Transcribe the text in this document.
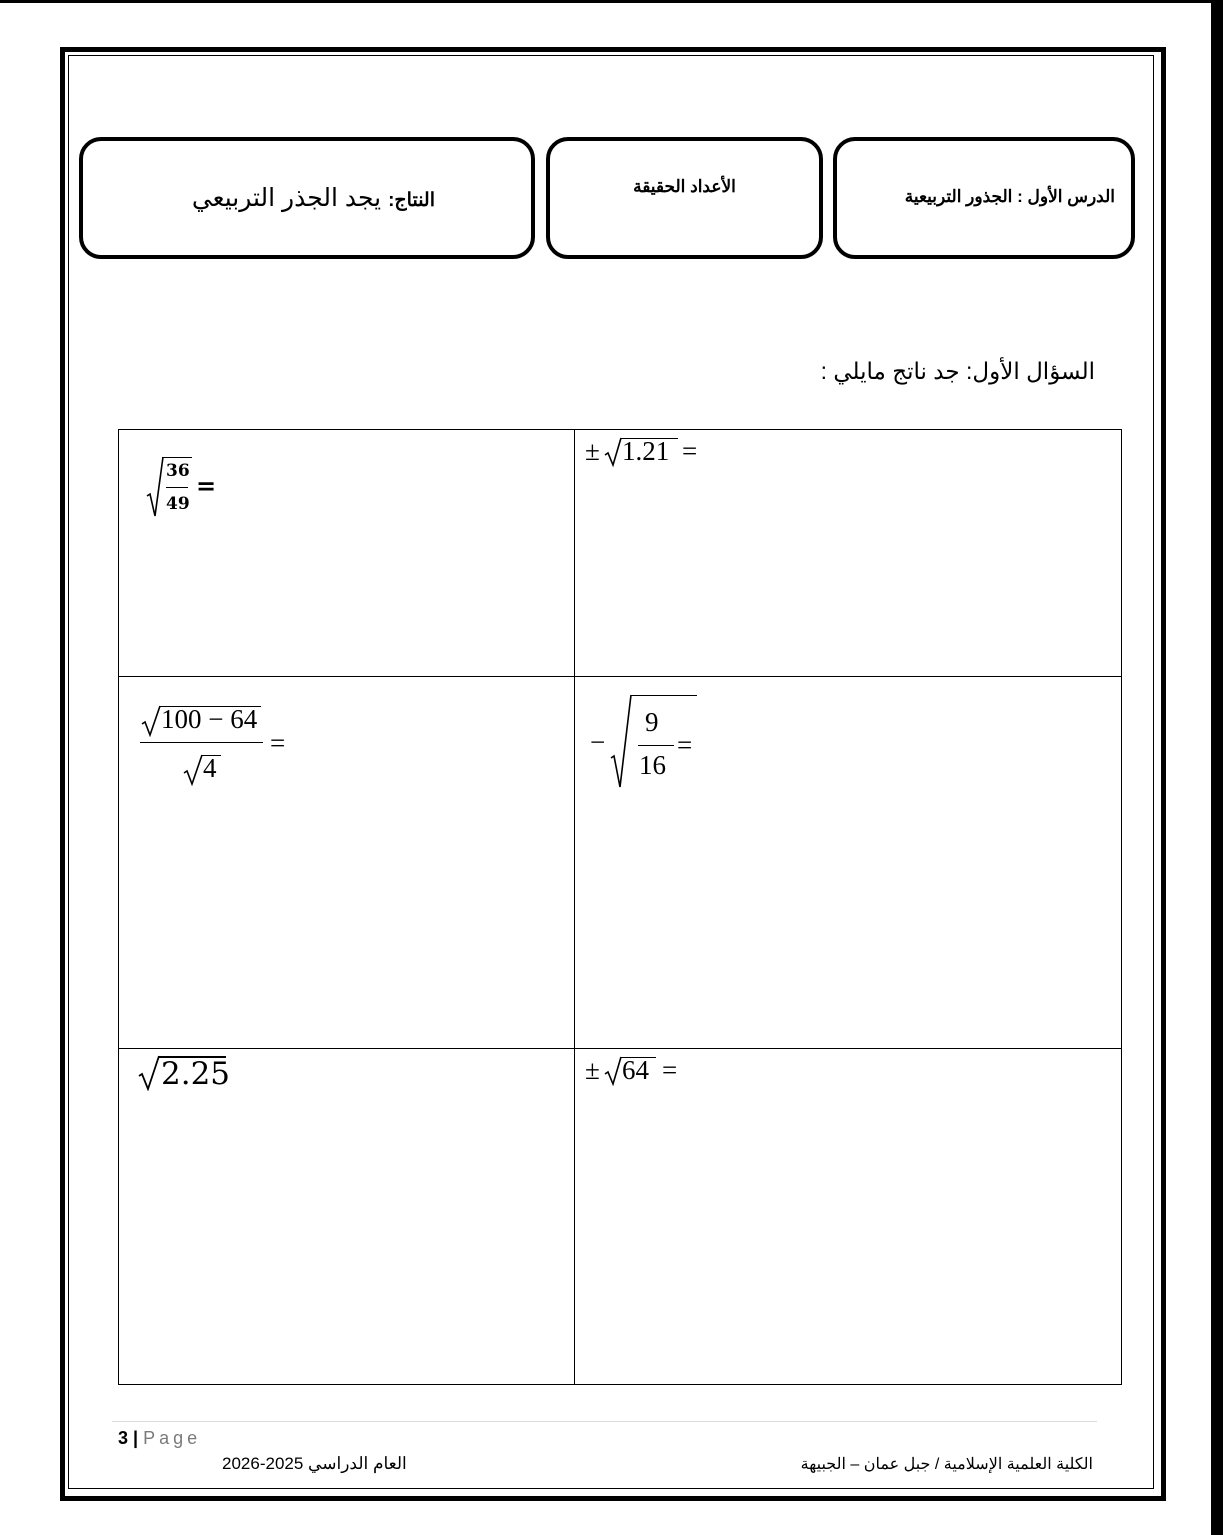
الدرس الأول : الجذور التربيعية
الأعداد الحقيقة
النتاج: يجد الجذر التربيعي
السؤال الأول: جد ناتج مايلي :
± 1.21 =
36
49
=
−
9
16
=
100 − 64
4
=
± 64 =
2.25
3 | Page
العام الدراسي 2025-2026	الكلية العلمية الإسلامية / جبل عمان – الجبيهة
